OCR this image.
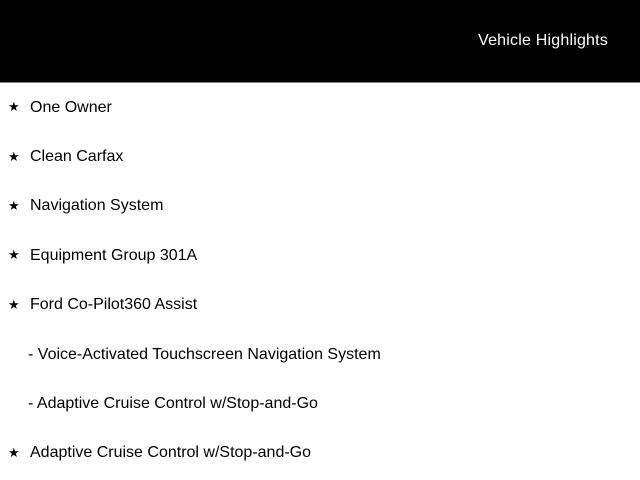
Vehicle Highlights
★ One Owner
★ Clean Carfax
★ Navigation System
★ Equipment Group 301A
★ Ford Co-Pilot360 Assist
- Voice-Activated Touchscreen Navigation System
- Adaptive Cruise Control w/Stop-and-Go
★ Adaptive Cruise Control w/Stop-and-Go
